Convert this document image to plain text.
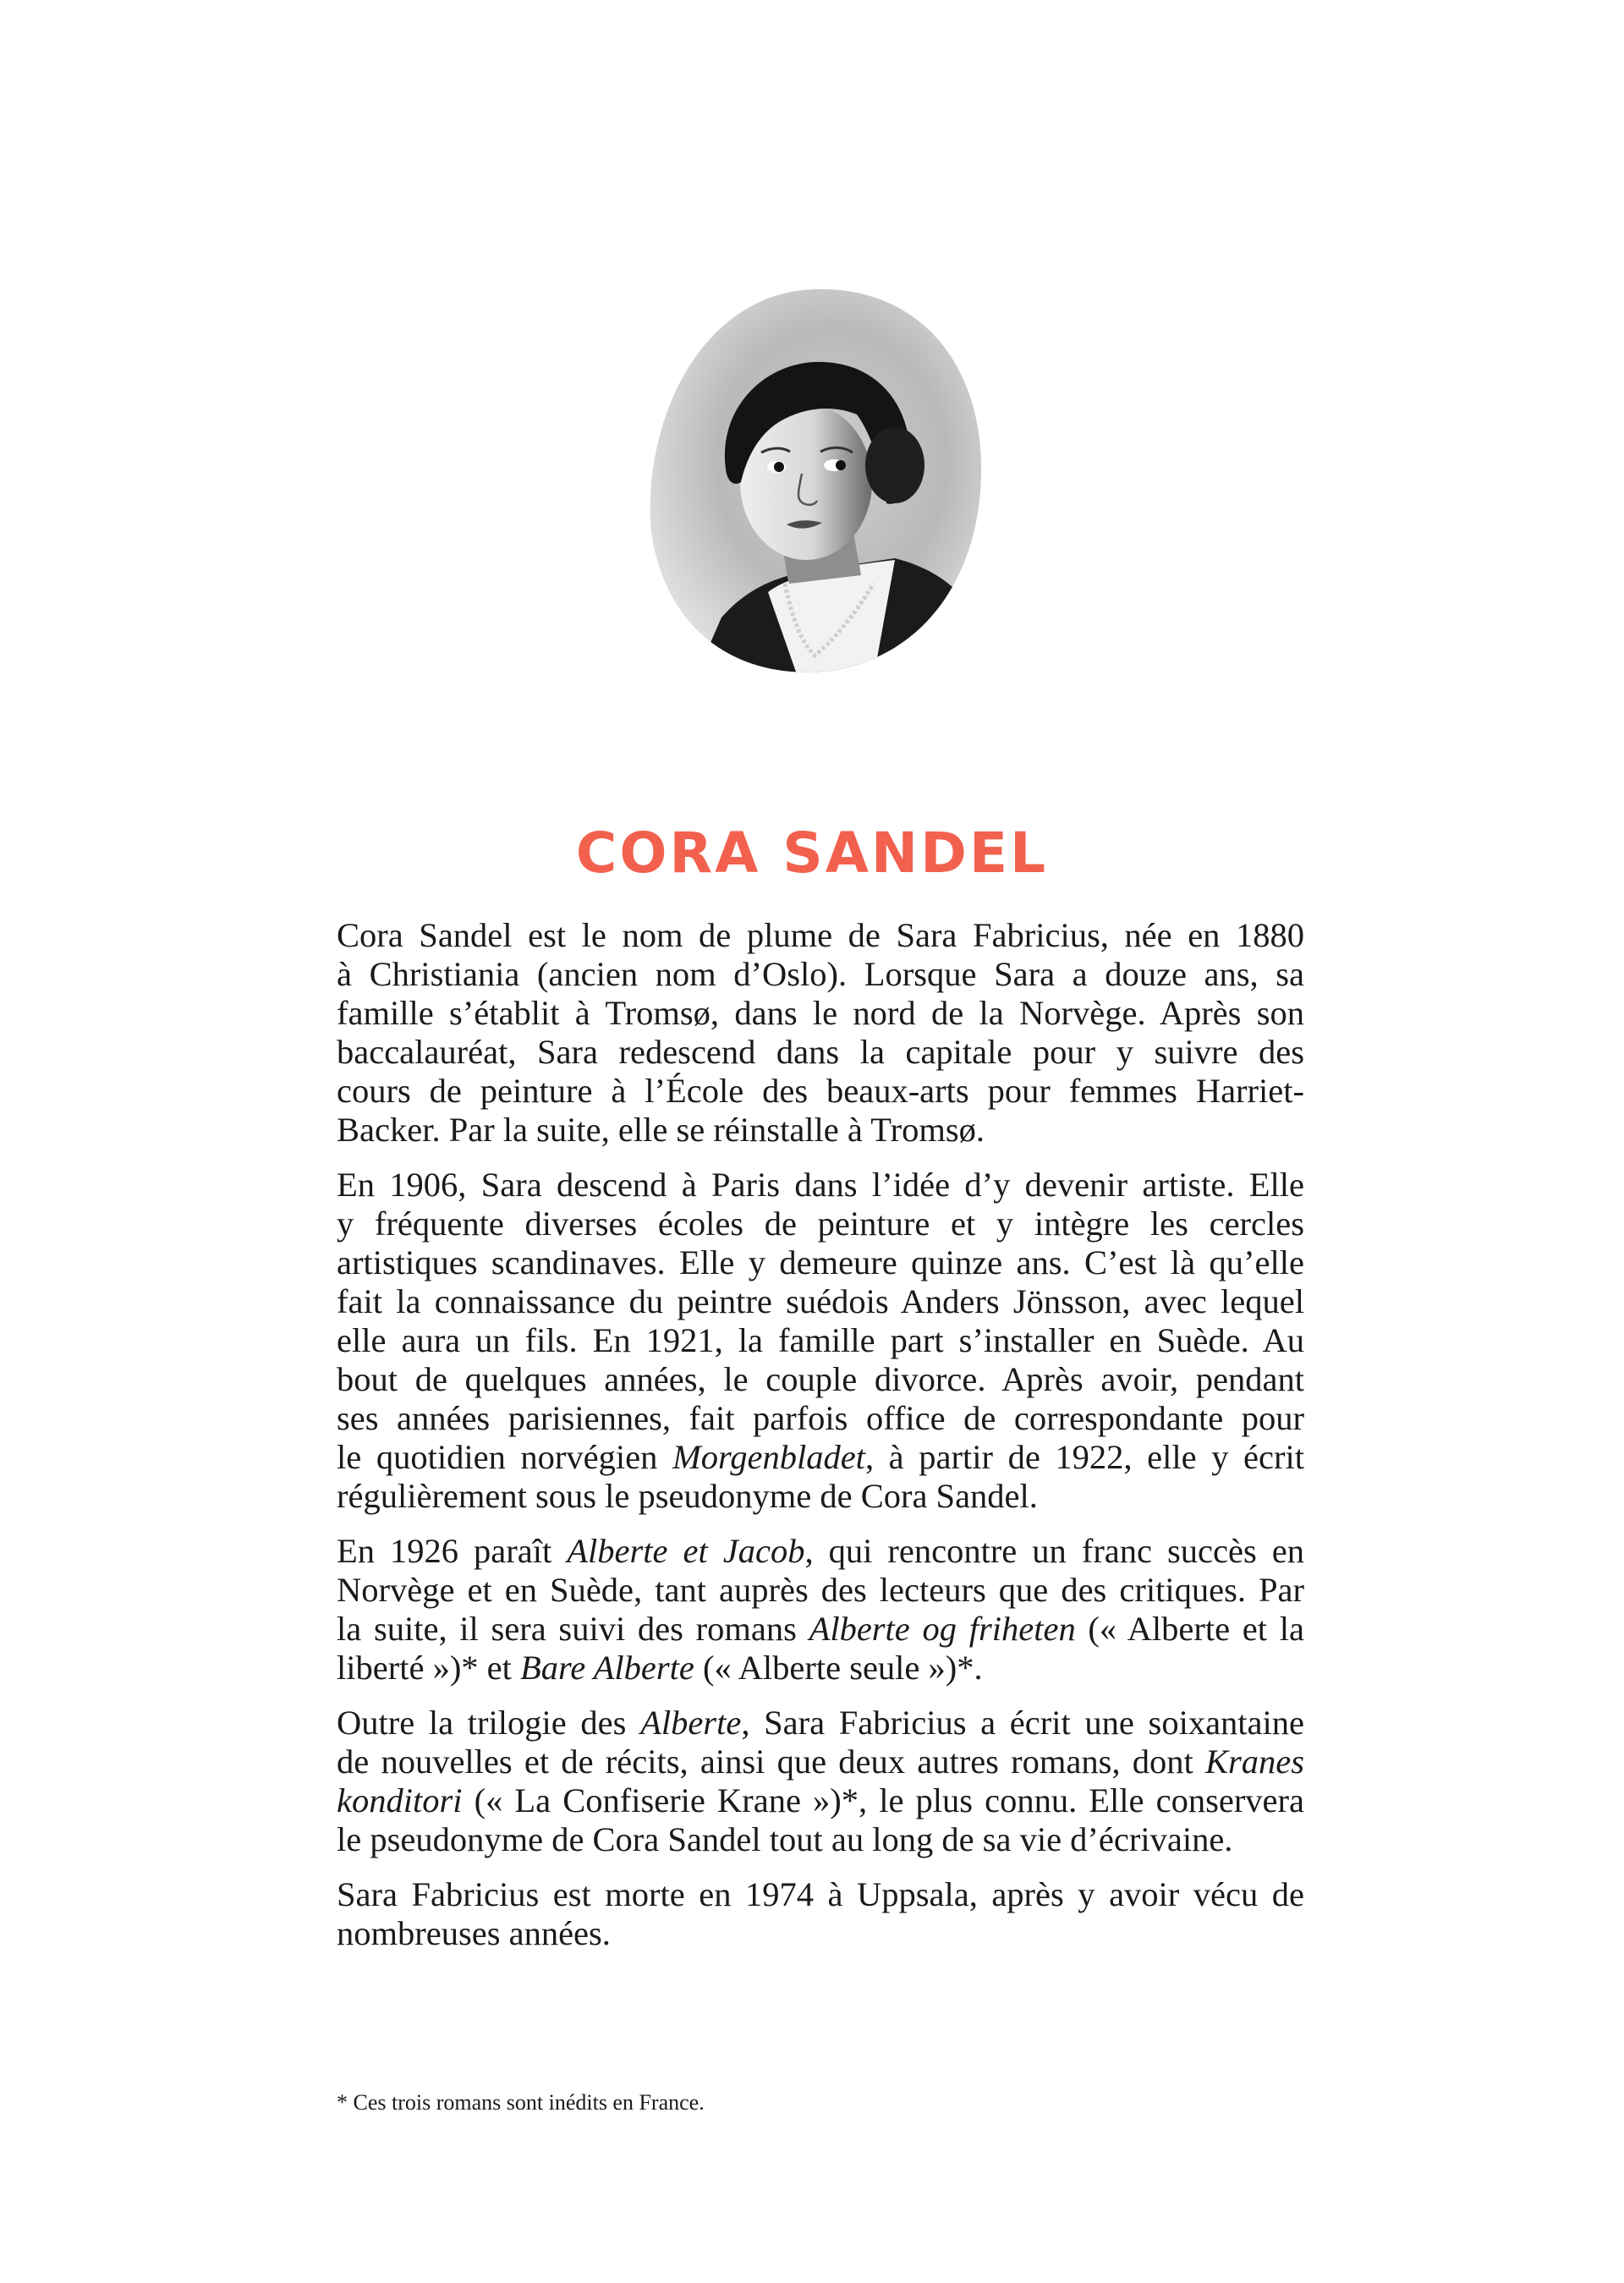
CORA SANDEL

Cora Sandel est le nom de plume de Sara Fabricius, née en 1880
à Christiania (ancien nom d’Oslo). Lorsque Sara a douze ans, sa
famille s’établit à Tromsø, dans le nord de la Norvège. Après son
baccalauréat, Sara redescend dans la capitale pour y suivre des
cours de peinture à l’École des beaux-arts pour femmes Harriet-
Backer. Par la suite, elle se réinstalle à Tromsø.

En 1906, Sara descend à Paris dans l’idée d’y devenir artiste. Elle
y fréquente diverses écoles de peinture et y intègre les cercles
artistiques scandinaves. Elle y demeure quinze ans. C’est là qu’elle
fait la connaissance du peintre suédois Anders Jönsson, avec lequel
elle aura un fils. En 1921, la famille part s’installer en Suède. Au
bout de quelques années, le couple divorce. Après avoir, pendant
ses années parisiennes, fait parfois office de correspondante pour
le quotidien norvégien Morgenbladet, à partir de 1922, elle y écrit
régulièrement sous le pseudonyme de Cora Sandel.

En 1926 paraît Alberte et Jacob, qui rencontre un franc succès en
Norvège et en Suède, tant auprès des lecteurs que des critiques. Par
la suite, il sera suivi des romans Alberte og friheten (« Alberte et la
liberté »)* et Bare Alberte (« Alberte seule »)*.

Outre la trilogie des Alberte, Sara Fabricius a écrit une soixantaine
de nouvelles et de récits, ainsi que deux autres romans, dont Kranes
konditori (« La Confiserie Krane »)*, le plus connu. Elle conservera
le pseudonyme de Cora Sandel tout au long de sa vie d’écrivaine.

Sara Fabricius est morte en 1974 à Uppsala, après y avoir vécu de
nombreuses années.

* Ces trois romans sont inédits en France.
